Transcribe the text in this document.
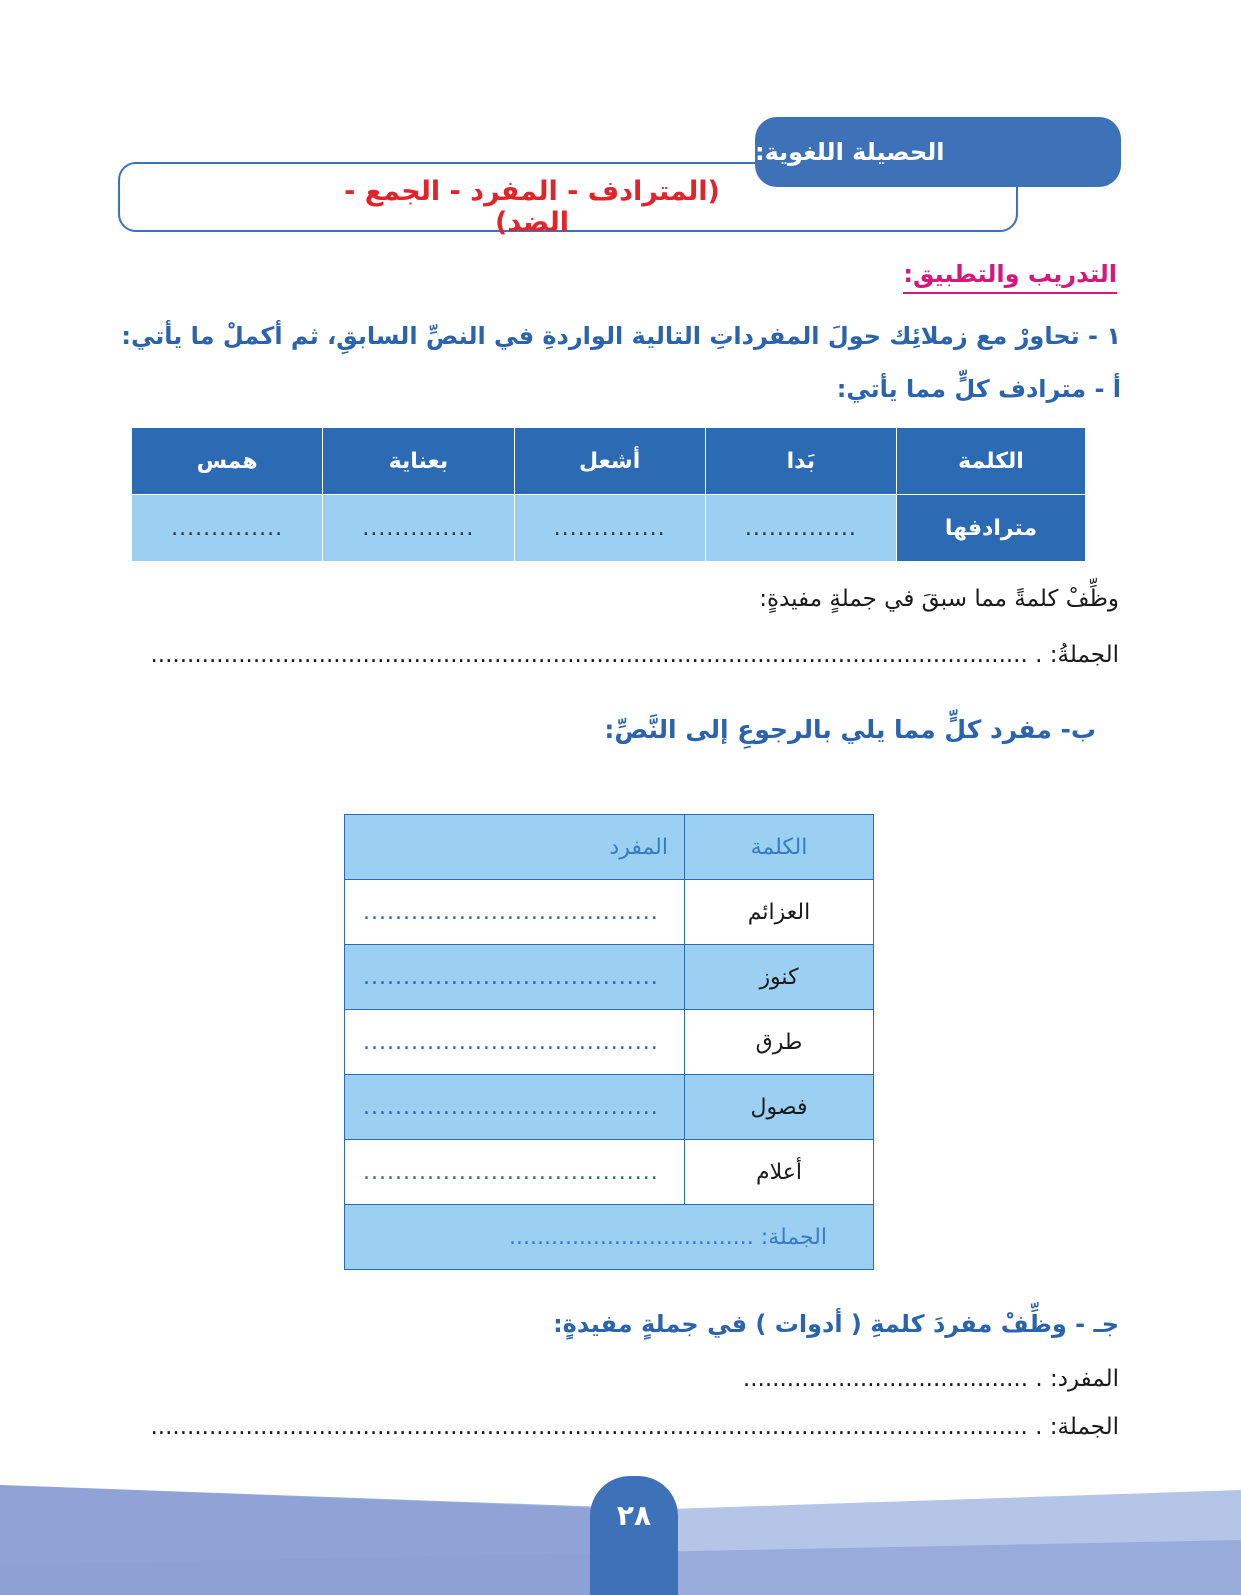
الحصيلة اللغوية:
(المترادف - المفرد - الجمع - الضد)
التدريب والتطبيق:
١ - تحاورْ مع زملائِك حولَ المفرداتِ التالية الواردةِ في النصِّ السابقِ، ثم أكملْ ما يأتي:
أ - مترادف كلٍّ مما يأتي:
الكلمة	بَدا	أشعل	بعناية	همس
مترادفها	..............	..............	..............	..............
وظِّفْ كلمةً مما سبقَ في جملةٍ مفيدةٍ:
الجملةُ: . ........................................................................................................................
ب- مفرد كلٍّ مما يلي بالرجوعِ إلى النَّصِّ:
الكلمة	المفرد
العزائم	.....................................
كنوز	.....................................
طرق	.....................................
فصول	.....................................
أعلام	.....................................
الجملة: ...................................	
جـ - وظِّفْ مفردَ كلمةِ ( أدوات ) في جملةٍ مفيدةٍ:
المفرد: . .......................................
الجملة: . ........................................................................................................................
٢٨
